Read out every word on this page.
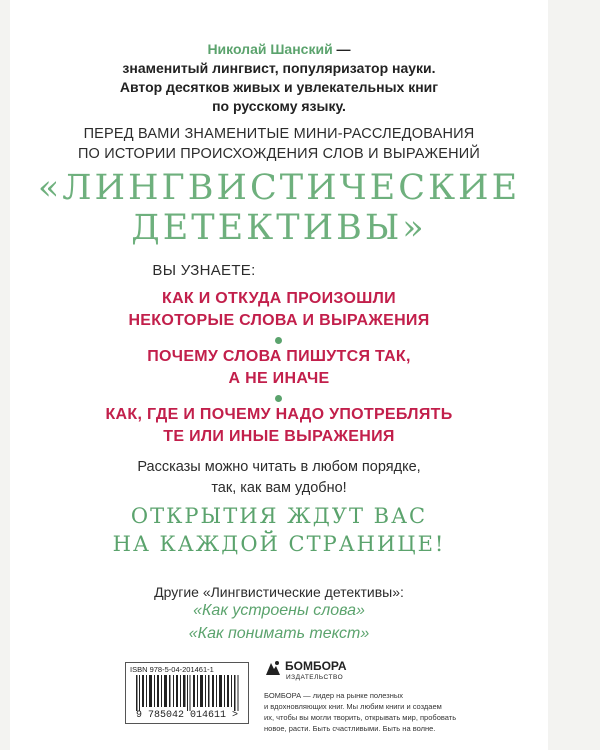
Николай Шанский —
знаменитый лингвист, популяризатор науки.
Автор десятков живых и увлекательных книг
по русскому языку.
ПЕРЕД ВАМИ ЗНАМЕНИТЫЕ МИНИ-РАССЛЕДОВАНИЯ
ПО ИСТОРИИ ПРОИСХОЖДЕНИЯ СЛОВ И ВЫРАЖЕНИЙ
«ЛИНГВИСТИЧЕСКИЕ
ДЕТЕКТИВЫ»
ВЫ УЗНАЕТЕ:
КАК И ОТКУДА ПРОИЗОШЛИ
НЕКОТОРЫЕ СЛОВА И ВЫРАЖЕНИЯ
ПОЧЕМУ СЛОВА ПИШУТСЯ ТАК,
А НЕ ИНАЧЕ
КАК, ГДЕ И ПОЧЕМУ НАДО УПОТРЕБЛЯТЬ
ТЕ ИЛИ ИНЫЕ ВЫРАЖЕНИЯ
Рассказы можно читать в любом порядке,
так, как вам удобно!
ОТКРЫТИЯ ЖДУТ ВАС
НА КАЖДОЙ СТРАНИЦЕ!
Другие «Лингвистические детективы»:
«Как устроены слова»
«Как понимать текст»
ISBN 978-5-04-201461-1
9 785042 014611 >
БОМБОРА
ИЗДАТЕЛЬСТВО
БОМБОРА — лидер на рынке полезных
и вдохновляющих книг. Мы любим книги и создаем
их, чтобы вы могли творить, открывать мир, пробовать
новое, расти. Быть счастливыми. Быть на волне.
